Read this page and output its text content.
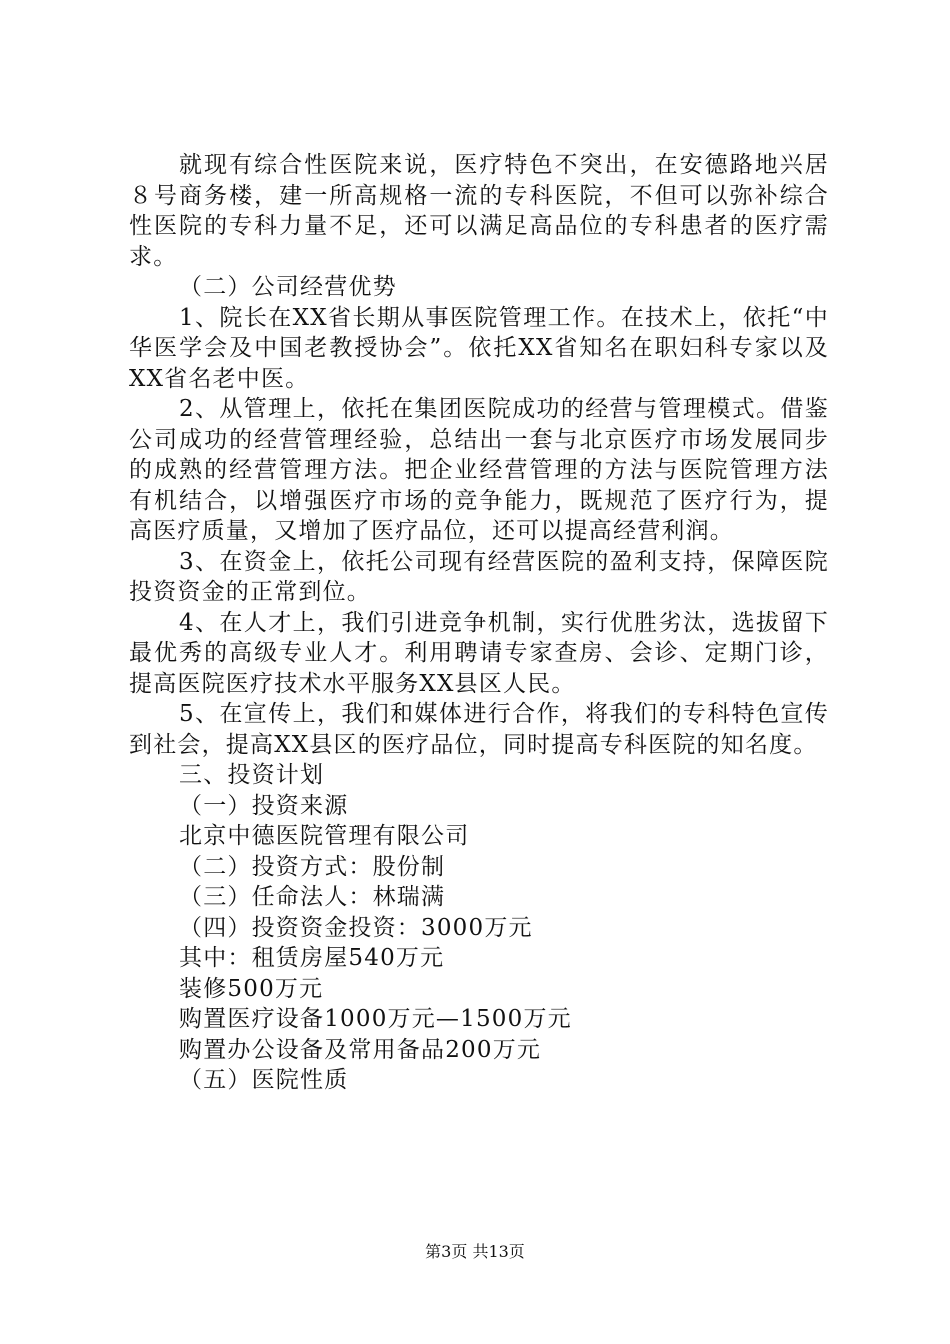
就现有综合性医院来说，医疗特色不突出，在安德路地兴居８号商务楼，建一所高规格一流的专科医院，不但可以弥补综合性医院的专科力量不足，还可以满足高品位的专科患者的医疗需求。

（二）公司经营优势

1、院长在XX省长期从事医院管理工作。在技术上，依托“中华医学会及中国老教授协会”。依托XX省知名在职妇科专家以及XX省名老中医。

2、从管理上，依托在集团医院成功的经营与管理模式。借鉴公司成功的经营管理经验，总结出一套与北京医疗市场发展同步的成熟的经营管理方法。把企业经营管理的方法与医院管理方法有机结合，以增强医疗市场的竞争能力，既规范了医疗行为，提高医疗质量，又增加了医疗品位，还可以提高经营利润。

3、在资金上，依托公司现有经营医院的盈利支持，保障医院投资资金的正常到位。

4、在人才上，我们引进竞争机制，实行优胜劣汰，选拔留下最优秀的高级专业人才。利用聘请专家查房、会诊、定期门诊，提高医院医疗技术水平服务XX县区人民。

5、在宣传上，我们和媒体进行合作，将我们的专科特色宣传到社会，提高XX县区的医疗品位，同时提高专科医院的知名度。

三、投资计划

（一）投资来源

北京中德医院管理有限公司

（二）投资方式：股份制

（三）任命法人：林瑞满

（四）投资资金投资：3000万元

其中：租赁房屋540万元

装修500万元

购置医疗设备1000万元—1500万元

购置办公设备及常用备品200万元

（五）医院性质

第3页 共13页
